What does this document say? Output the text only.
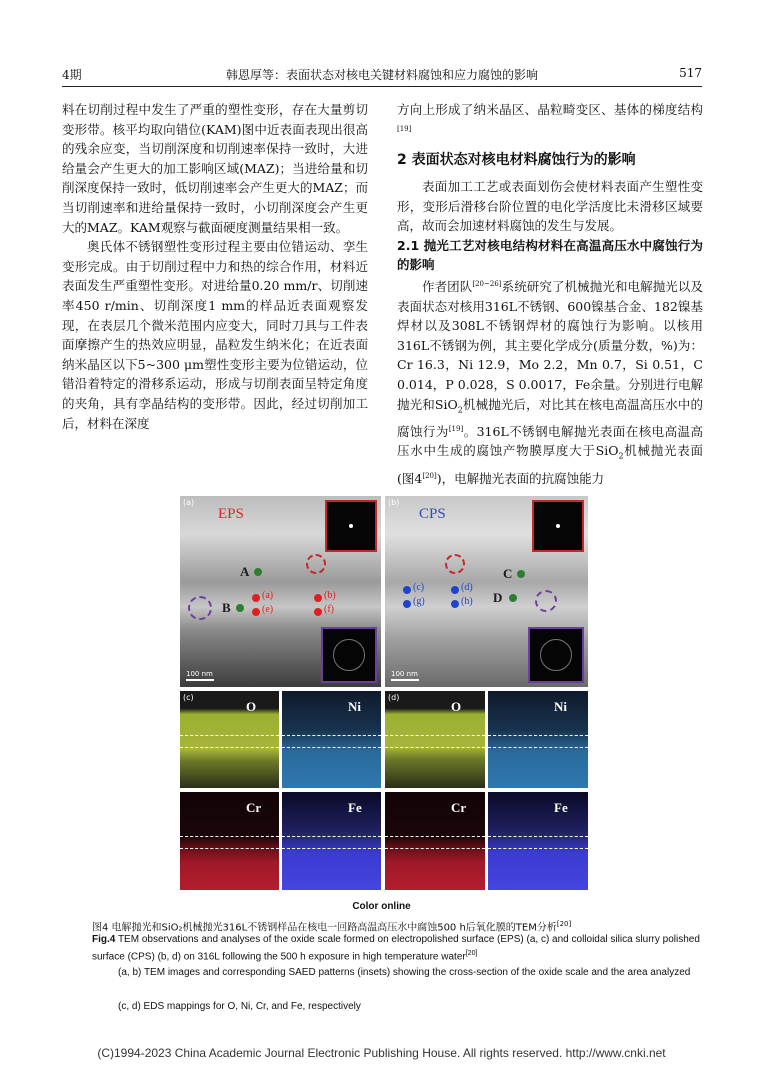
4期	韩恩厚等：表面状态对核电关键材料腐蚀和应力腐蚀的影响	517

料在切削过程中发生了严重的塑性变形，存在大量剪切变形带。核平均取向错位(KAM)图中近表面表现出很高的残余应变，当切削深度和切削速率保持一致时，大进给量会产生更大的加工影响区域(MAZ)；当进给量和切削深度保持一致时，低切削速率会产生更大的MAZ；而当切削速率和进给量保持一致时，小切削深度会产生更大的MAZ。KAM观察与截面硬度测量结果相一致。

奥氏体不锈钢塑性变形过程主要由位错运动、孪生变形完成。由于切削过程中力和热的综合作用，材料近表面发生严重塑性变形。对进给量0.20 mm/r、切削速率450 r/min、切削深度1 mm的样品近表面观察发现，在表层几个微米范围内应变大，同时刀具与工件表面摩擦产生的热效应明显，晶粒发生纳米化；在近表面纳米晶区以下5~300 μm塑性变形主要为位错运动，位错沿着特定的滑移系运动，形成与切削表面呈特定角度的夹角，具有孪晶结构的变形带。因此，经过切削加工后，材料在深度

方向上形成了纳米晶区、晶粒畸变区、基体的梯度结构[19]

2 表面状态对核电材料腐蚀行为的影响

表面加工工艺或表面划伤会使材料表面产生塑性变形，变形后滑移台阶位置的电化学活度比未滑移区域要高，故而会加速材料腐蚀的发生与发展。

2.1 抛光工艺对核电结构材料在高温高压水中腐蚀行为的影响

作者团队[20~26]系统研究了机械抛光和电解抛光以及表面状态对核用316L不锈钢、600镍基合金、182镍基焊材以及308L不锈钢焊材的腐蚀行为影响。以核用316L不锈钢为例，其主要化学成分(质量分数，%)为：Cr 16.3，Ni 12.9，Mo 2.2，Mn 0.7，Si 0.51，C 0.014，P 0.028，S 0.0017，Fe余量。分别进行电解抛光和SiO$_2$机械抛光后，对比其在核电高温高压水中的腐蚀行为[19]。316L不锈钢电解抛光表面在核电高温高压水中生成的腐蚀产物膜厚度大于SiO$_2$机械抛光表面(图4[20])，电解抛光表面的抗腐蚀能力

(a)
EPS
A
B
(a)	(b)
(e)	(f)
100 nm
(b)
CPS
C
D
(c)	(d)
(g)	(h)
100 nm
(c)
O	Ni
Cr	Fe
(d)
O	Ni
Cr	Fe
Color online
图4 电解抛光和SiO₂机械抛光316L不锈钢样品在核电一回路高温高压水中腐蚀500 h后氧化膜的TEM分析[20]
Fig.4 TEM observations and analyses of the oxide scale formed on electropolished surface (EPS) (a, c) and colloidal silica slurry polished surface (CPS) (b, d) on 316L following the 500 h exposure in high temperature water[20]
(a, b) TEM images and corresponding SAED patterns (insets) showing the cross-section of the oxide scale and the area analyzed
(c, d) EDS mappings for O, Ni, Cr, and Fe, respectively
(C)1994-2023 China Academic Journal Electronic Publishing House. All rights reserved. http://www.cnki.net
